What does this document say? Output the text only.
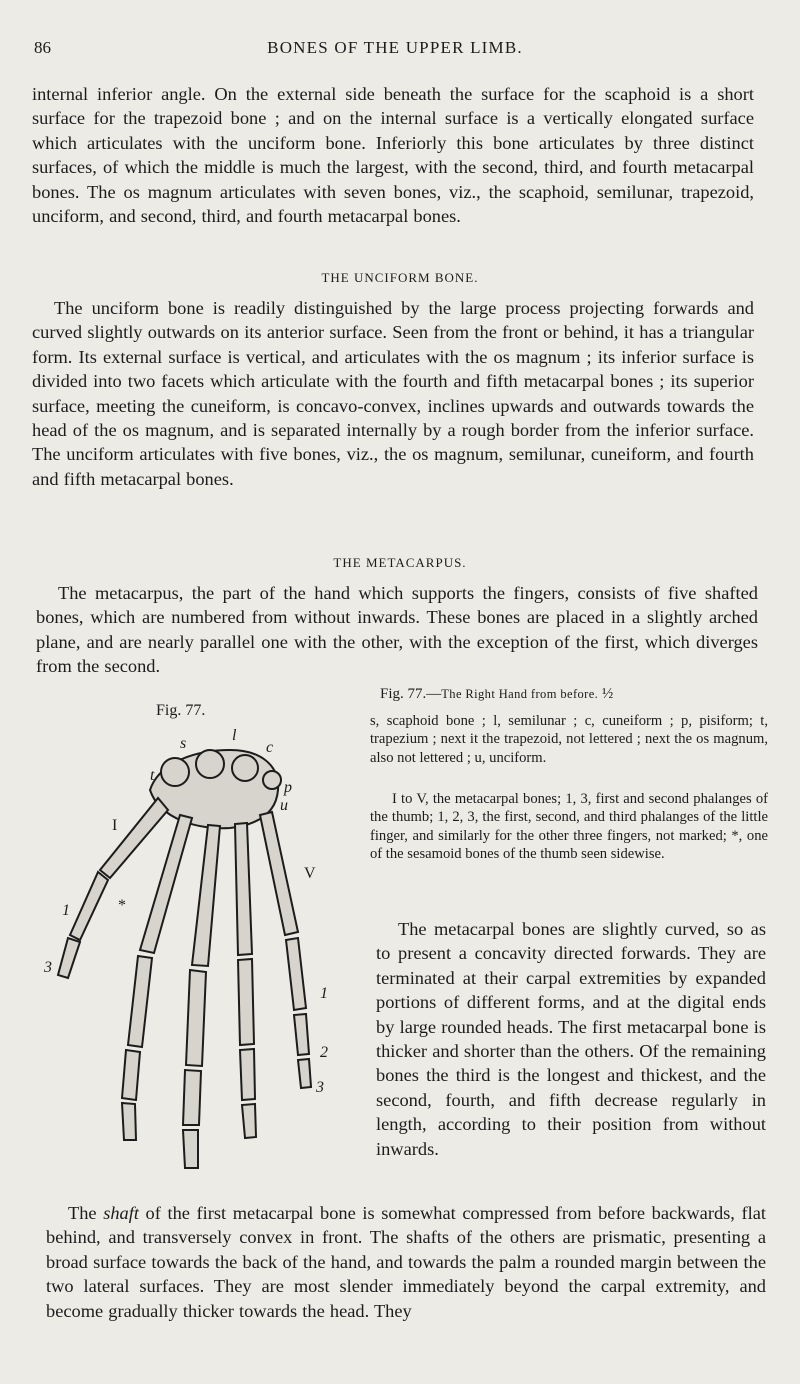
86	BONES OF THE UPPER LIMB.

internal inferior angle. On the external side beneath the surface for the scaphoid is a short surface for the trapezoid bone ; and on the internal surface is a vertically elongated surface which articulates with the unciform bone. Inferiorly this bone articulates by three distinct surfaces, of which the middle is much the largest, with the second, third, and fourth metacarpal bones. The os magnum articulates with seven bones, viz., the scaphoid, semilunar, trapezoid, unciform, and second, third, and fourth metacarpal bones.

THE UNCIFORM BONE.

The unciform bone is readily distinguished by the large process projecting forwards and curved slightly outwards on its anterior surface. Seen from the front or behind, it has a triangular form. Its external surface is vertical, and articulates with the os magnum ; its inferior surface is divided into two facets which articulate with the fourth and fifth metacarpal bones ; its superior surface, meeting the cuneiform, is concavo-convex, inclines upwards and outwards towards the head of the os magnum, and is separated internally by a rough border from the inferior surface. The unciform articulates with five bones, viz., the os magnum, semilunar, cuneiform, and fourth and fifth metacarpal bones.

THE METACARPUS.

The metacarpus, the part of the hand which supports the fingers, consists of five shafted bones, which are numbered from without inwards. These bones are placed in a slightly arched plane, and are nearly parallel one with the other, with the exception of the first, which diverges from the second.

Fig. 77.
Fig. 77.—The Right Hand from before. ½

s, scaphoid bone ; l, semilunar ; c, cuneiform ; p, pisiform; t, trapezium ; next it the trapezoid, not lettered ; next the os magnum, also not lettered ; u, unciform.

I to V, the metacarpal bones; 1, 3, first and second phalanges of the thumb; 1, 2, 3, the first, second, and third phalanges of the little finger, and similarly for the other three fingers, not marked; *, one of the sesamoid bones of the thumb seen sidewise.

s	l
c
t
p
u
1
3
1
2
3
I
V
*

The metacarpal bones are slightly curved, so as to present a concavity directed forwards. They are terminated at their carpal extremities by expanded portions of different forms, and at the digital ends by large rounded heads. The first metacarpal bone is thicker and shorter than the others. Of the remaining bones the third is the longest and thickest, and the second, fourth, and fifth decrease regularly in length, according to their position from without inwards.

The shaft of the first metacarpal bone is somewhat compressed from before backwards, flat behind, and transversely convex in front. The shafts of the others are prismatic, presenting a broad surface towards the back of the hand, and towards the palm a rounded margin between the two lateral surfaces. They are most slender immediately beyond the carpal extremity, and become gradually thicker towards the head. They
